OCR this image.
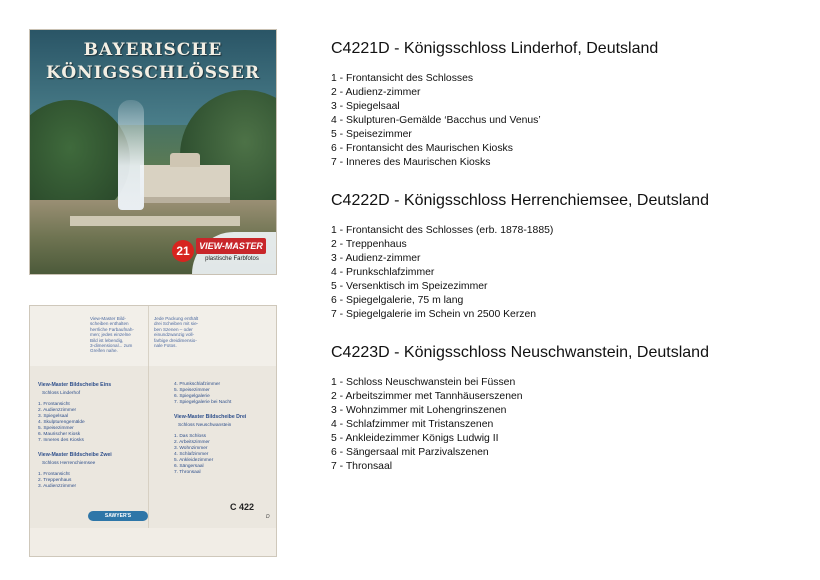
BAYERISCHE
KÖNIGSSCHLÖSSER
21	VIEW-MASTER
plastische Farbfotos
View-Master Bild-
scheiben enthalten
herrliche Farbaufnah-
men; jedes einzelne
Bild ist lebendig,
3-dimensional... zum
Greifen nahe.
Jede Packung enthält
drei Scheiben mit sie-
ben Szenen – oder
einundzwanzig voll-
farbige dreidimensio-
nale Fotos.
View-Master Bildscheibe Eins
Schloss Linderhof
1. Frontansicht
2. Audienzzimmer
3. Spiegelsaal
4. Skulpturengemälde
5. Speisezimmer
6. Maurischer Kiosk
7. Inneres des Kiosks
View-Master Bildscheibe Zwei
Schloss Herrenchiemsee
1. Frontansicht
2. Treppenhaus
3. Audienzzimmer
4. Prunkschlafzimmer
5. Speisezimmer
6. Spiegelgalerie
7. Spiegelgalerie bei Nacht
View-Master Bildscheibe Drei
Schloss Neuschwanstein
1. Das Schloss
2. Arbeitszimmer
3. Wohnzimmer
4. Schlafzimmer
5. Ankleidezimmer
6. Sängersaal
7. Thronsaal
C 422
D
SAWYER'S
C4221D - Königsschloss Linderhof, Deutsland
1 - Frontansicht des Schlosses
2 - Audienz-zimmer
3 - Spiegelsaal
4 - Skulpturen-Gemälde ‘Bacchus und Venus’
5 - Speisezimmer
6 - Frontansicht des Maurischen Kiosks
7 - Inneres des Maurischen Kiosks
C4222D - Königsschloss Herrenchiemsee, Deutsland
1 - Frontansicht des Schlosses (erb. 1878-1885)
2 - Treppenhaus
3 - Audienz-zimmer
4 - Prunkschlafzimmer
5 - Versenktisch im Speizezimmer
6 - Spiegelgalerie, 75 m lang
7 - Spiegelgalerie im Schein vn 2500 Kerzen
C4223D - Königsschloss Neuschwanstein, Deutsland
1 - Schloss Neuschwanstein bei Füssen
2 - Arbeitszimmer met Tannhäuserszenen
3 - Wohnzimmer mit Lohengrinszenen
4 - Schlafzimmer mit Tristanszenen
5 - Ankleidezimmer Königs Ludwig II
6 - Sängersaal mit Parzivalszenen
7 - Thronsaal
